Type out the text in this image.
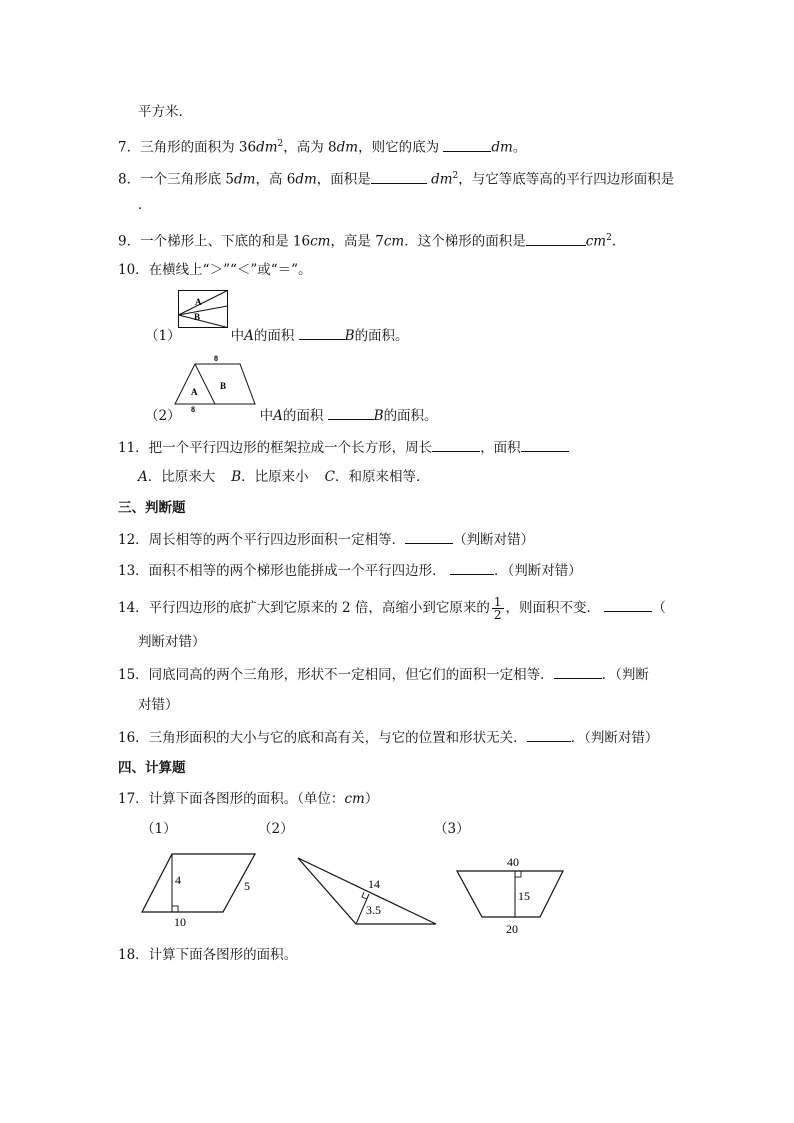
平方米．
7．三角形的面积为 $36dm^2$，高为 8dm，则它的底为	dm。
8．一个三角形底 5dm，高 6dm，面积是	$dm^2$，与它等底等高的平行四边形面积是
．
9．一个梯形上、下底的和是 16cm，高是 7cm．这个梯形的面积是	$cm^2$.
10．在横线上“＞”“＜”或“＝”。
A
B
（1）	中A的面积	B的面积。
8
8
A
B
（2）	中A的面积	B的面积。
11．把一个平行四边形的框架拉成一个长方形，周长	，面积
A．比原来大 B．比原来小 C．和原来相等．
三、判断题
12．周长相等的两个平行四边形面积一定相等．	（判断对错）
13．面积不相等的两个梯形也能拼成一个平行四边形．	．（判断对错）
14．平行四边形的底扩大到它原来的 2 倍，高缩小到它原来的 $\frac{1}{2}$ ，则面积不变．	（
判断对错）
15．同底同高的两个三角形，形状不一定相同，但它们的面积一定相等．	．（判断
对错）
16．三角形面积的大小与它的底和高有关，与它的位置和形状无关．	．（判断对错）
四、计算题
17．计算下面各图形的面积。（单位：cm）
（1）	（2）	（3）
4	5
10
14
3.5
40
15
20
18．计算下面各图形的面积。
